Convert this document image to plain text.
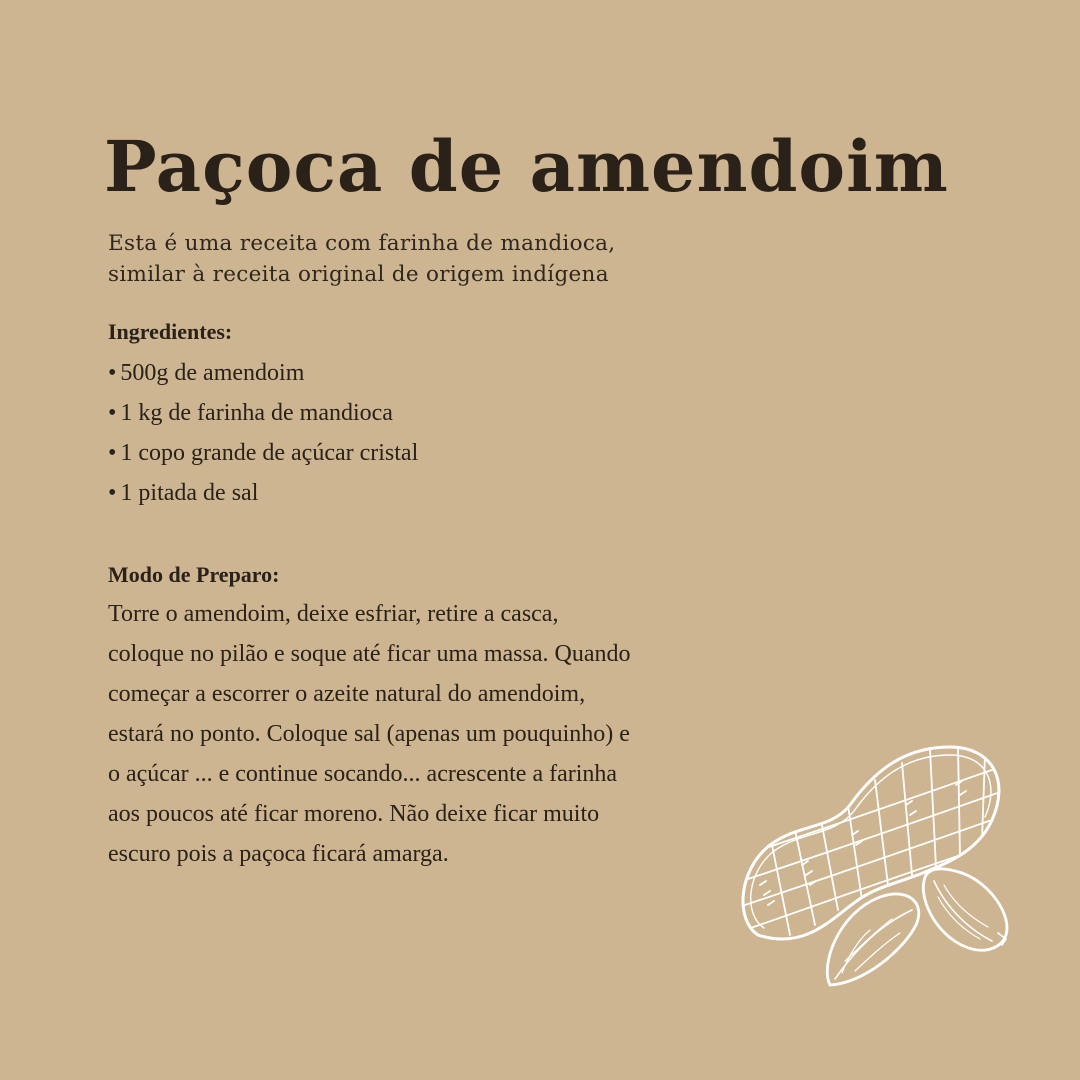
Paçoca de amendoim

Esta é uma receita com farinha de mandioca,
similar à receita original de origem indígena

Ingredientes:
• 500g de amendoim
• 1 kg de farinha de mandioca
• 1 copo grande de açúcar cristal
• 1 pitada de sal
Modo de Preparo:

Torre o amendoim, deixe esfriar, retire a casca,
coloque no pilão e soque até ficar uma massa. Quando
começar a escorrer o azeite natural do amendoim,
estará no ponto. Coloque sal (apenas um pouquinho) e
o açúcar ... e continue socando... acrescente a farinha
aos poucos até ficar moreno. Não deixe ficar muito
escuro pois a paçoca ficará amarga.
